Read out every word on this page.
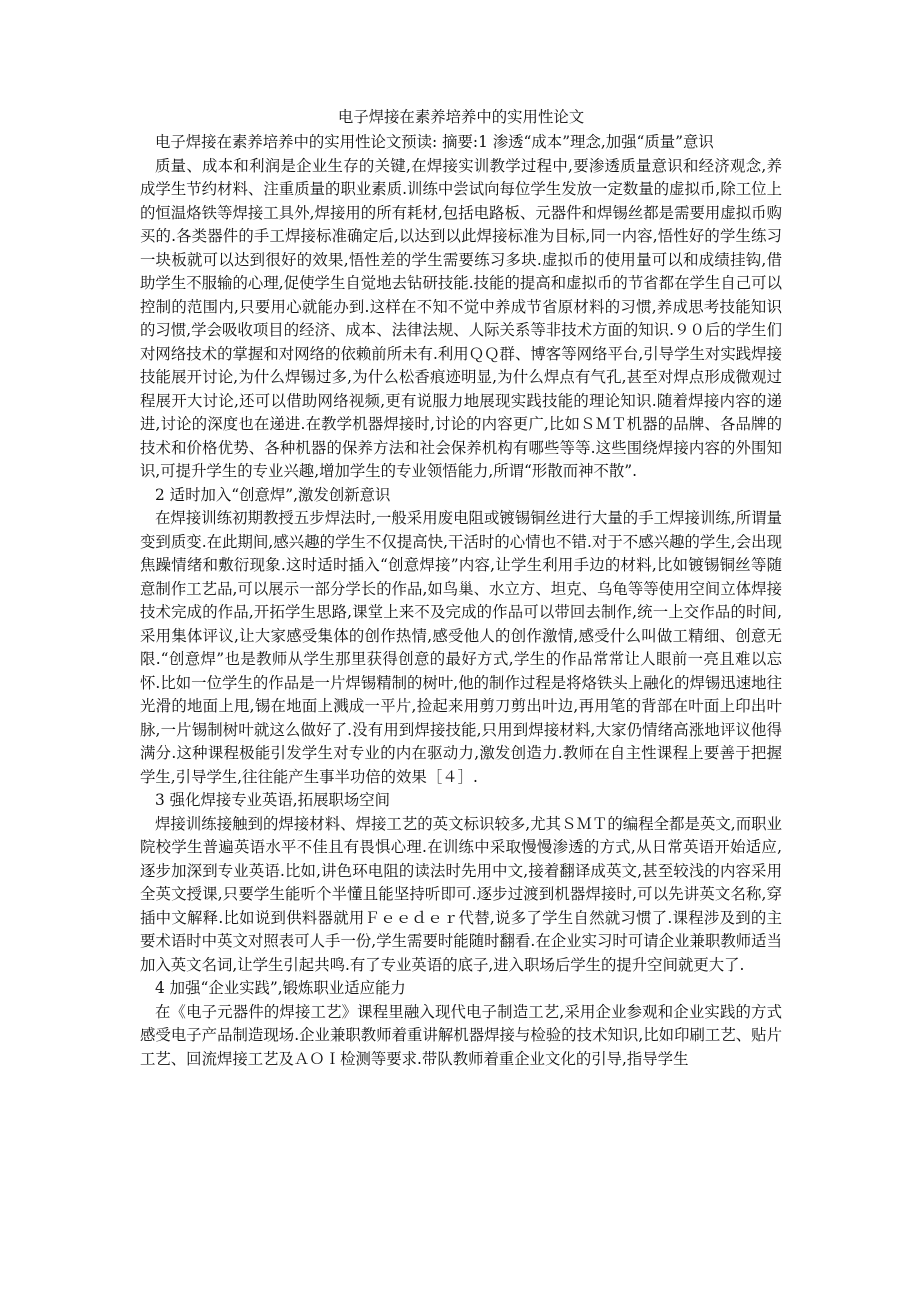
电子焊接在素养培养中的实用性论文
电子焊接在素养培养中的实用性论文预读: 摘要:1 渗透“成本”理念,加强“质量”意识
质量、成本和利润是企业生存的关键,在焊接实训教学过程中,要渗透质量意识和经济观念,养成学生节约材料、注重质量的职业素质.训练中尝试向每位学生发放一定数量的虚拟币,除工位上的恒温烙铁等焊接工具外,焊接用的所有耗材,包括电路板、元器件和焊锡丝都是需要用虚拟币购买的.各类器件的手工焊接标准确定后,以达到以此焊接标准为目标,同一内容,悟性好的学生练习一块板就可以达到很好的效果,悟性差的学生需要练习多块.虚拟币的使用量可以和成绩挂钩,借助学生不服输的心理,促使学生自觉地去钻研技能.技能的提高和虚拟币的节省都在学生自己可以控制的范围内,只要用心就能办到.这样在不知不觉中养成节省原材料的习惯,养成思考技能知识的习惯,学会吸收项目的经济、成本、法律法规、人际关系等非技术方面的知识.９０后的学生们对网络技术的掌握和对网络的依赖前所未有.利用ＱＱ群、博客等网络平台,引导学生对实践焊接技能展开讨论,为什么焊锡过多,为什么松香痕迹明显,为什么焊点有气孔,甚至对焊点形成微观过程展开大讨论,还可以借助网络视频,更有说服力地展现实践技能的理论知识.随着焊接内容的递进,讨论的深度也在递进.在教学机器焊接时,讨论的内容更广,比如ＳＭＴ机器的品牌、各品牌的技术和价格优势、各种机器的保养方法和社会保养机构有哪些等等.这些围绕焊接内容的外围知识,可提升学生的专业兴趣,增加学生的专业领悟能力,所谓“形散而神不散”.
2 适时加入“创意焊”,激发创新意识
在焊接训练初期教授五步焊法时,一般采用废电阻或镀锡铜丝进行大量的手工焊接训练,所谓量变到质变.在此期间,感兴趣的学生不仅提高快,干活时的心情也不错.对于不感兴趣的学生,会出现焦躁情绪和敷衍现象.这时适时插入“创意焊接”内容,让学生利用手边的材料,比如镀锡铜丝等随意制作工艺品,可以展示一部分学长的作品,如鸟巢、水立方、坦克、乌龟等等使用空间立体焊接技术完成的作品,开拓学生思路,课堂上来不及完成的作品可以带回去制作,统一上交作品的时间,采用集体评议,让大家感受集体的创作热情,感受他人的创作激情,感受什么叫做工精细、创意无限.“创意焊”也是教师从学生那里获得创意的最好方式,学生的作品常常让人眼前一亮且难以忘怀.比如一位学生的作品是一片焊锡精制的树叶,他的制作过程是将烙铁头上融化的焊锡迅速地往光滑的地面上甩,锡在地面上溅成一平片,捡起来用剪刀剪出叶边,再用笔的背部在叶面上印出叶脉,一片锡制树叶就这么做好了.没有用到焊接技能,只用到焊接材料,大家仍情绪高涨地评议他得满分.这种课程极能引发学生对专业的内在驱动力,激发创造力.教师在自主性课程上要善于把握学生,引导学生,往往能产生事半功倍的效果［４］.
3 强化焊接专业英语,拓展职场空间
焊接训练接触到的焊接材料、焊接工艺的英文标识较多,尤其ＳＭＴ的编程全都是英文,而职业院校学生普遍英语水平不佳且有畏惧心理.在训练中采取慢慢渗透的方式,从日常英语开始适应,逐步加深到专业英语.比如,讲色环电阻的读法时先用中文,接着翻译成英文,甚至较浅的内容采用全英文授课,只要学生能听个半懂且能坚持听即可.逐步过渡到机器焊接时,可以先讲英文名称,穿插中文解释.比如说到供料器就用Ｆｅｅｄｅｒ代替,说多了学生自然就习惯了.课程涉及到的主要术语时中英文对照表可人手一份,学生需要时能随时翻看.在企业实习时可请企业兼职教师适当加入英文名词,让学生引起共鸣.有了专业英语的底子,进入职场后学生的提升空间就更大了.
4 加强“企业实践”,锻炼职业适应能力
在《电子元器件的焊接工艺》课程里融入现代电子制造工艺,采用企业参观和企业实践的方式感受电子产品制造现场.企业兼职教师着重讲解机器焊接与检验的技术知识,比如印刷工艺、贴片工艺、回流焊接工艺及ＡＯＩ检测等要求.带队教师着重企业文化的引导,指导学生
